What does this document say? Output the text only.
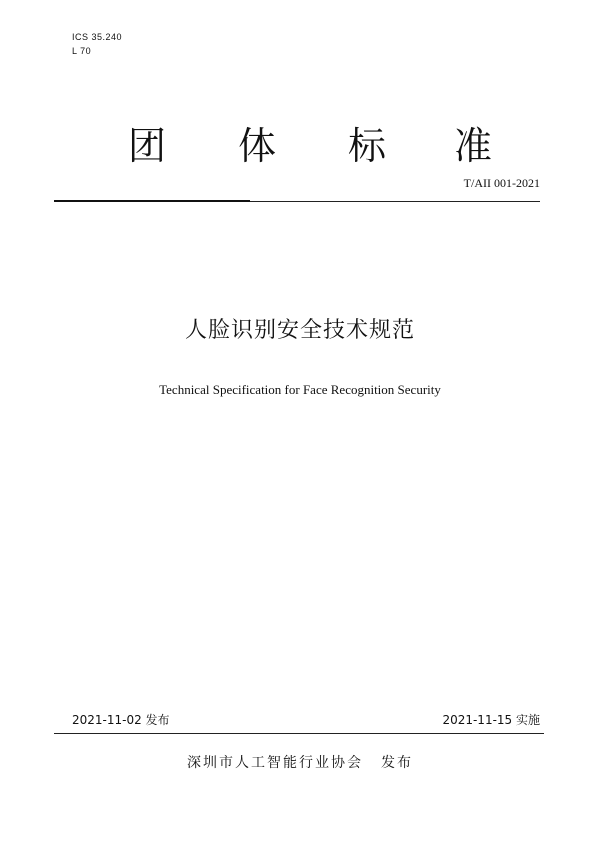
ICS 35.240
L 70
团 体 标 准
T/AII 001-2021
人脸识别安全技术规范
Technical Specification for Face Recognition Security
2021-11-02 发布	2021-11-15 实施
深圳市人工智能行业协会 发布
